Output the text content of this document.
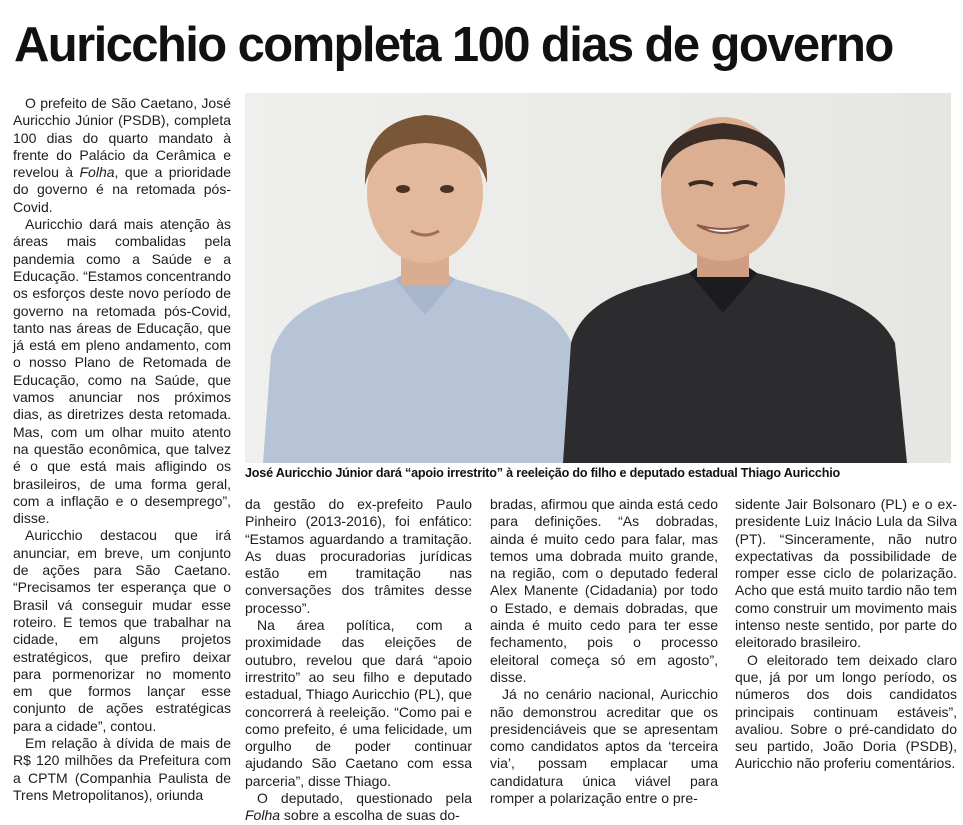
Auricchio completa 100 dias de governo

O prefeito de São Caetano, José Auricchio Júnior (PSDB), completa 100 dias do quarto mandato à frente do Palácio da Cerâmica e revelou à Folha, que a prioridade do governo é na retomada pós-Covid.

Auricchio dará mais atenção às áreas mais combalidas pela pandemia como a Saúde e a Educação. “Estamos concentrando os esforços deste novo período de governo na retomada pós-Covid, tanto nas áreas de Educação, que já está em pleno andamento, com o nosso Plano de Retomada de Educação, como na Saúde, que vamos anunciar nos próximos dias, as diretrizes desta retomada. Mas, com um olhar muito atento na questão econômica, que talvez é o que está mais afligindo os brasileiros, de uma forma geral, com a inflação e o desemprego”, disse.

Auricchio destacou que irá anunciar, em breve, um conjunto de ações para São Caetano. “Precisamos ter esperança que o Brasil vá conseguir mudar esse roteiro. E temos que trabalhar na cidade, em alguns projetos estratégicos, que prefiro deixar para pormenorizar no momento em que formos lançar esse conjunto de ações estratégicas para a cidade”, contou.

Em relação à dívida de mais de R$ 120 milhões da Prefeitura com a CPTM (Companhia Paulista de Trens Metropolitanos), oriunda

José Auricchio Júnior dará “apoio irrestrito” à reeleição do filho e deputado estadual Thiago Auricchio

da gestão do ex-prefeito Paulo Pinheiro (2013-2016), foi enfático: “Estamos aguardando a tramitação. As duas procuradorias jurídicas estão em tramitação nas conversações dos trâmites desse processo”.

Na área política, com a proximidade das eleições de outubro, revelou que dará “apoio irrestrito” ao seu filho e deputado estadual, Thiago Auricchio (PL), que concorrerá à reeleição. “Como pai e como prefeito, é uma felicidade, um orgulho de poder continuar ajudando São Caetano com essa parceria”, disse Thiago.

O deputado, questionado pela Folha sobre a escolha de suas do-

bradas, afirmou que ainda está cedo para definições. “As dobradas, ainda é muito cedo para falar, mas temos uma dobrada muito grande, na região, com o deputado federal Alex Manente (Cidadania) por todo o Estado, e demais dobradas, que ainda é muito cedo para ter esse fechamento, pois o processo eleitoral começa só em agosto”, disse.

Já no cenário nacional, Auricchio não demonstrou acreditar que os presidenciáveis que se apresentam como candidatos aptos da ‘terceira via’, possam emplacar uma candidatura única viável para romper a polarização entre o pre-

sidente Jair Bolsonaro (PL) e o ex-presidente Luiz Inácio Lula da Silva (PT). “Sinceramente, não nutro expectativas da possibilidade de romper esse ciclo de polarização. Acho que está muito tardio não tem como construir um movimento mais intenso neste sentido, por parte do eleitorado brasileiro.

O eleitorado tem deixado claro que, já por um longo período, os números dos dois candidatos principais continuam estáveis”, avaliou. Sobre o pré-candidato do seu partido, João Doria (PSDB), Auricchio não proferiu comentários.
